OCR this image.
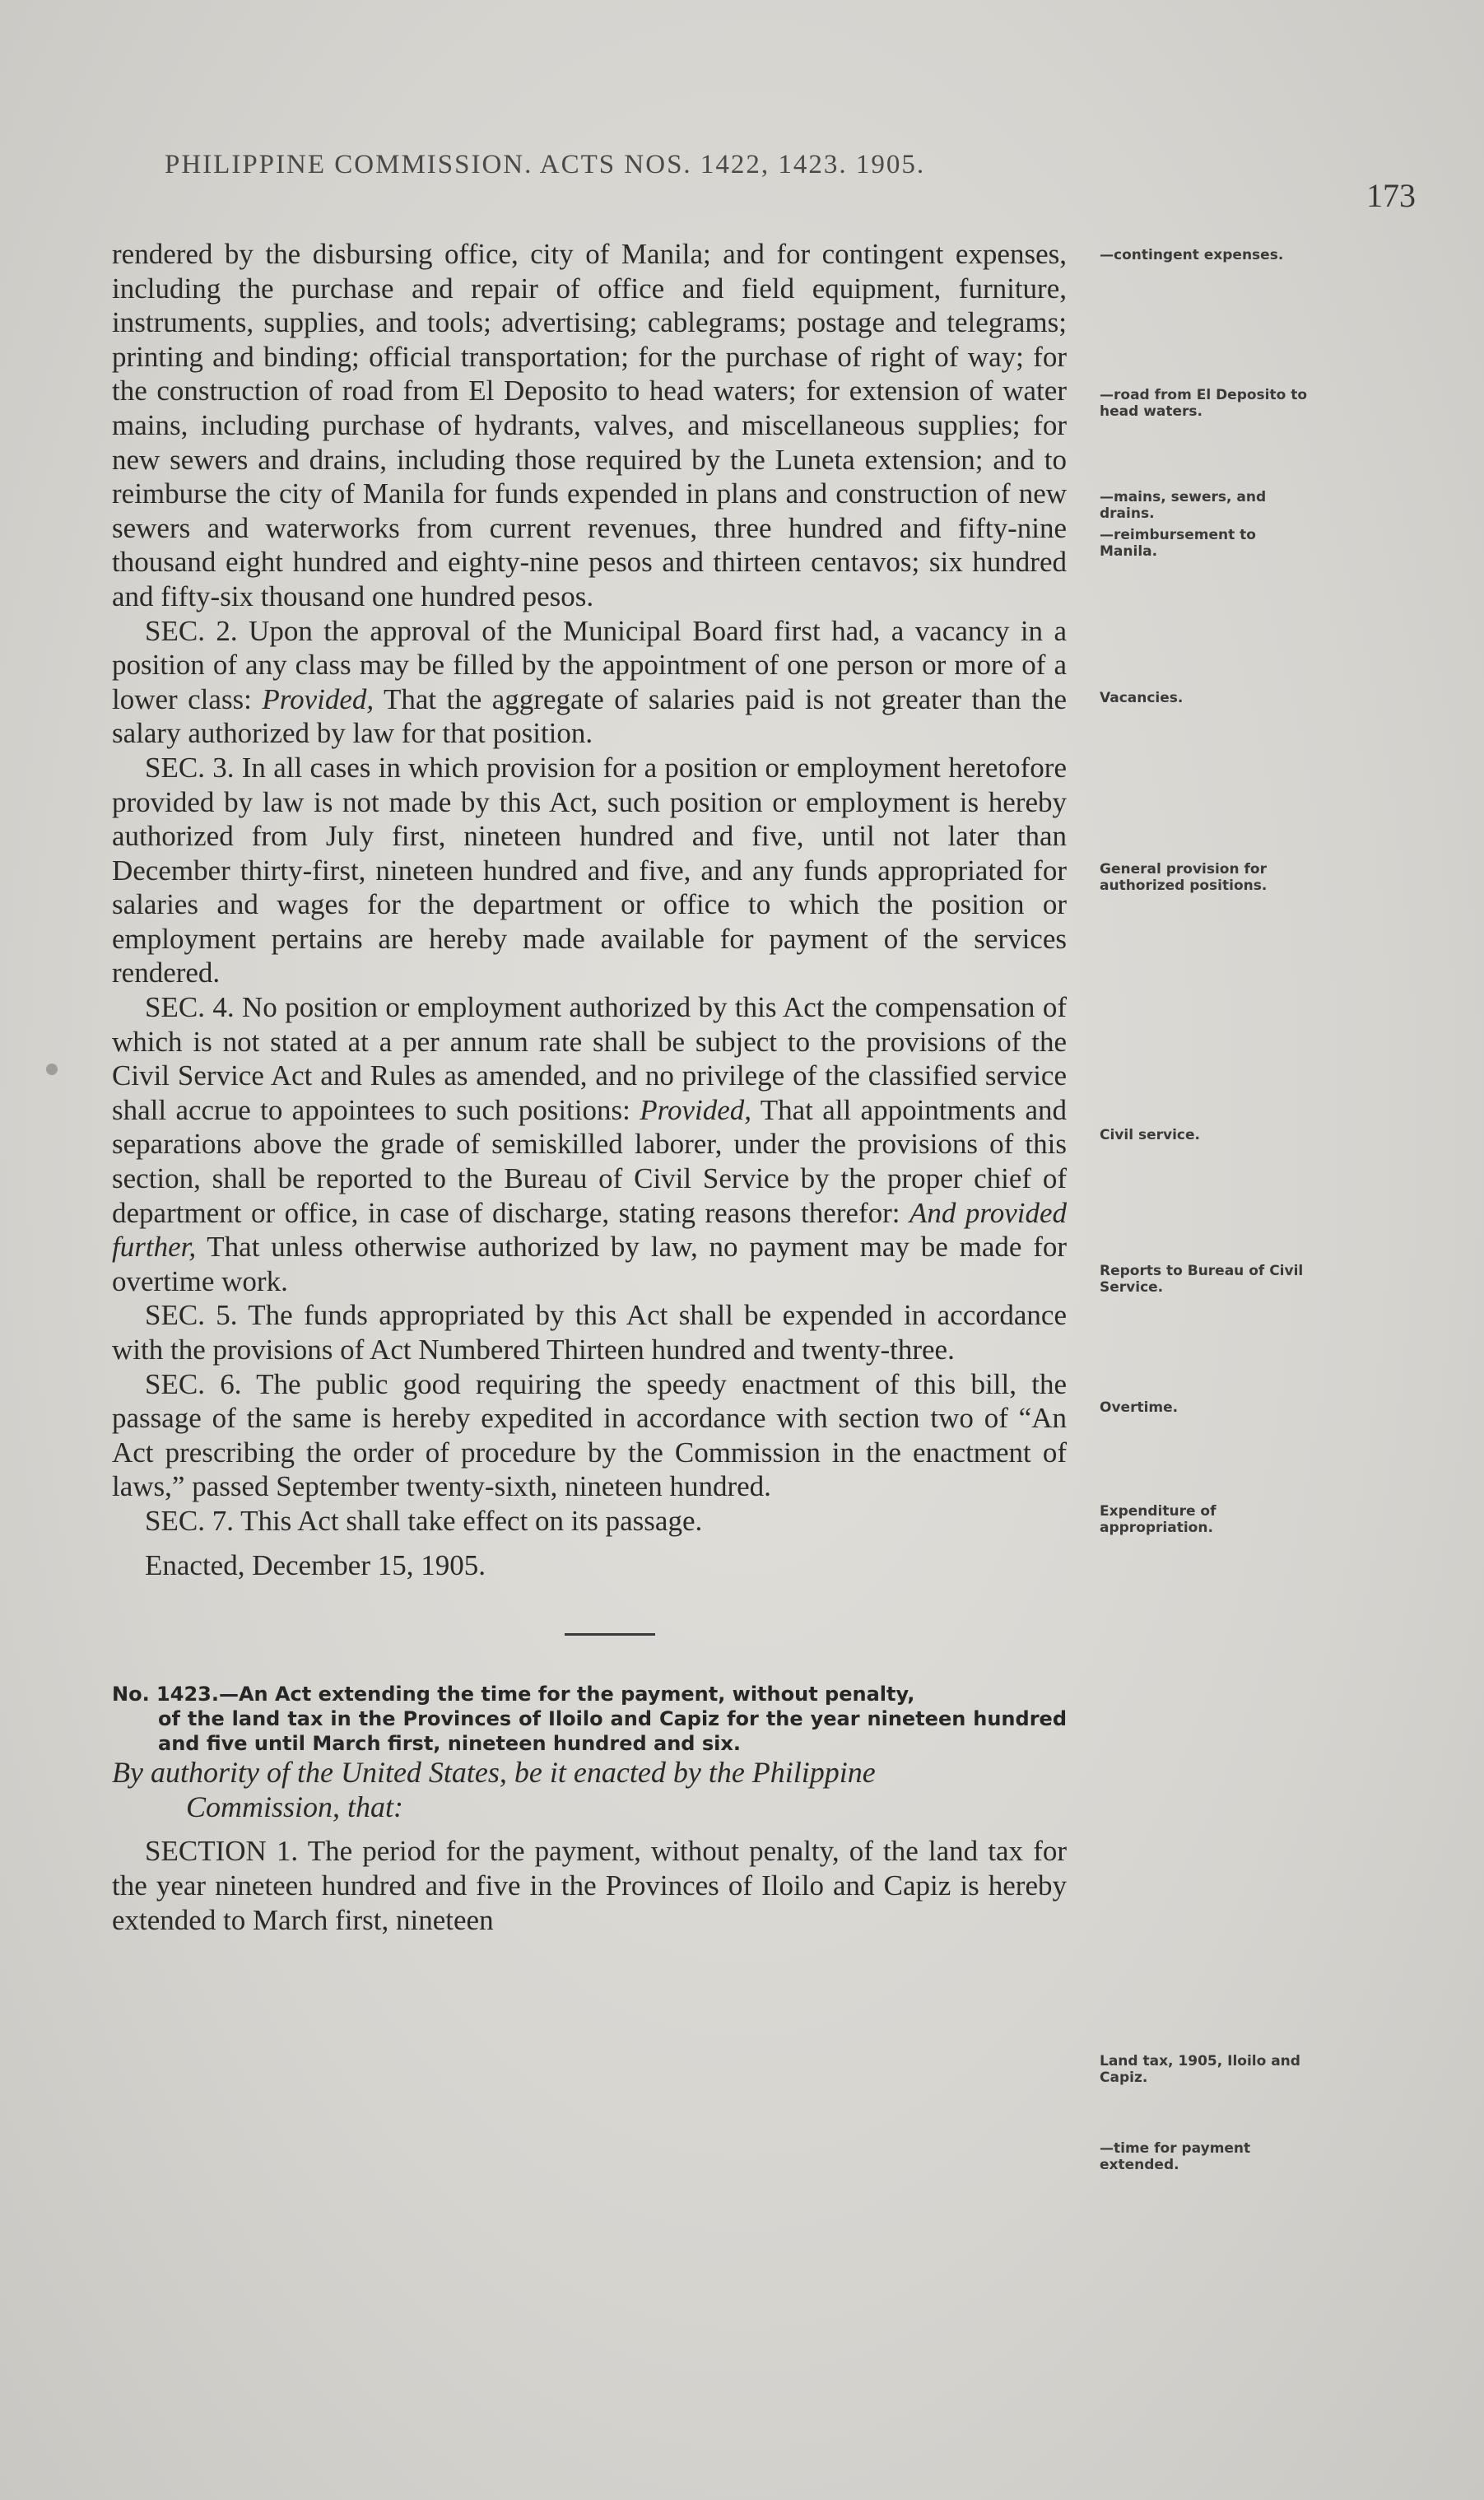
PHILIPPINE COMMISSION. ACTS NOS. 1422, 1423. 1905.
173

rendered by the disbursing office, city of Manila; and for contingent expenses, including the purchase and repair of office and field equipment, furniture, instruments, supplies, and tools; advertising; cablegrams; postage and telegrams; printing and binding; official transportation; for the purchase of right of way; for the construction of road from El Deposito to head waters; for extension of water mains, including purchase of hydrants, valves, and miscellaneous supplies; for new sewers and drains, including those required by the Luneta extension; and to reimburse the city of Manila for funds expended in plans and construction of new sewers and waterworks from current revenues, three hundred and fifty-nine thousand eight hundred and eighty-nine pesos and thirteen centavos; six hundred and fifty-six thousand one hundred pesos.

SEC. 2. Upon the approval of the Municipal Board first had, a vacancy in a position of any class may be filled by the appointment of one person or more of a lower class: Provided, That the aggregate of salaries paid is not greater than the salary authorized by law for that position.

SEC. 3. In all cases in which provision for a position or employment heretofore provided by law is not made by this Act, such position or employment is hereby authorized from July first, nineteen hundred and five, until not later than December thirty-first, nineteen hundred and five, and any funds appropriated for salaries and wages for the department or office to which the position or employment pertains are hereby made available for payment of the services rendered.

SEC. 4. No position or employment authorized by this Act the compensation of which is not stated at a per annum rate shall be subject to the provisions of the Civil Service Act and Rules as amended, and no privilege of the classified service shall accrue to appointees to such positions: Provided, That all appointments and separations above the grade of semiskilled laborer, under the provisions of this section, shall be reported to the Bureau of Civil Service by the proper chief of department or office, in case of discharge, stating reasons therefor: And provided further, That unless otherwise authorized by law, no payment may be made for overtime work.

SEC. 5. The funds appropriated by this Act shall be expended in accordance with the provisions of Act Numbered Thirteen hundred and twenty-three.

SEC. 6. The public good requiring the speedy enactment of this bill, the passage of the same is hereby expedited in accordance with section two of “An Act prescribing the order of procedure by the Commission in the enactment of laws,” passed September twenty-sixth, nineteen hundred.

SEC. 7. This Act shall take effect on its passage.

Enacted, December 15, 1905.

No. 1423.—An Act extending the time for the payment, without penalty,
of the land tax in the Provinces of Iloilo and Capiz for the year nineteen hundred and five until March first, nineteen hundred and six.

By authority of the United States, be it enacted by the Philippine
Commission, that:

SECTION 1. The period for the payment, without penalty, of the land tax for the year nineteen hundred and five in the Provinces of Iloilo and Capiz is hereby extended to March first, nineteen

—contingent expenses.
—road from El Deposito to head waters.
—mains, sewers, and drains.
—reimbursement to Manila.
Vacancies.
General provision for authorized positions.
Civil service.
Reports to Bureau of Civil Service.
Overtime.
Expenditure of appropriation.
Land tax, 1905, Iloilo and Capiz.
—time for payment extended.
